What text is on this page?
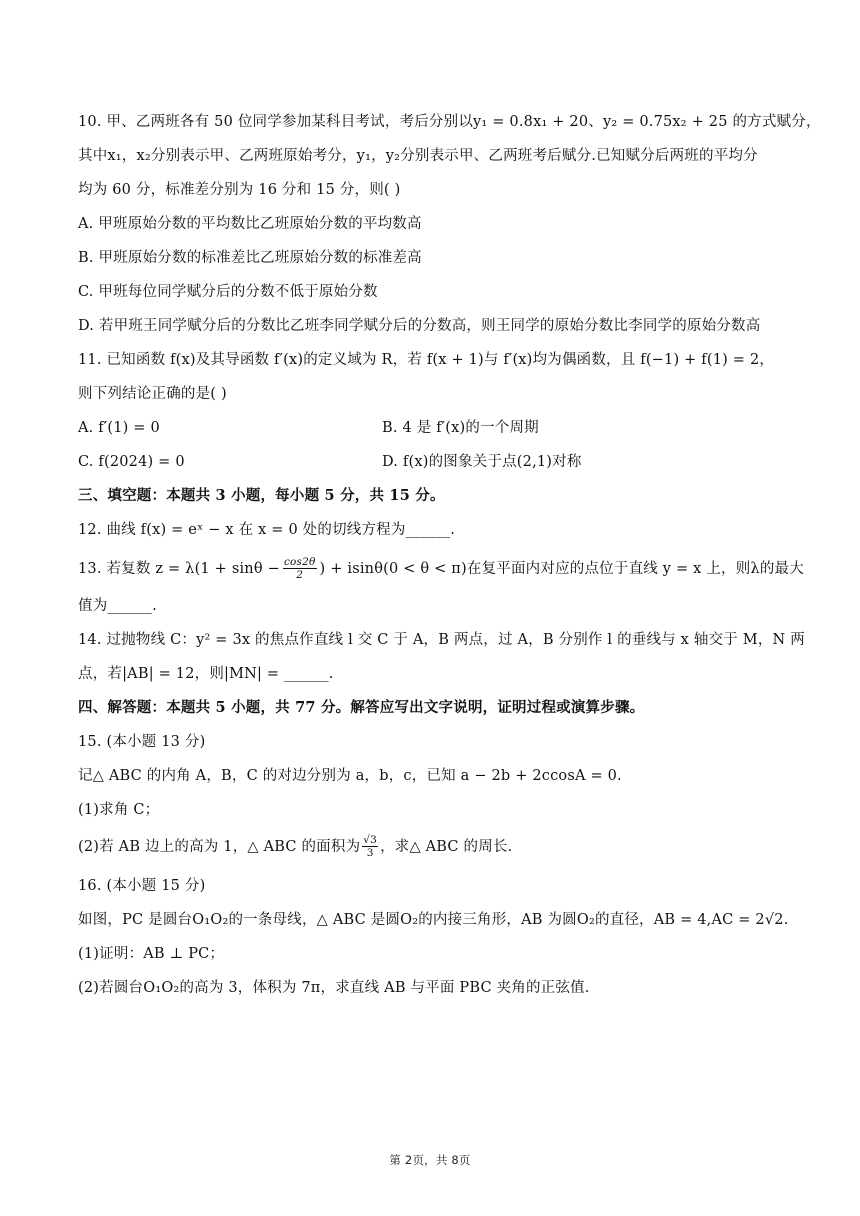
10. 甲、乙两班各有 50 位同学参加某科目考试，考后分别以y₁ = 0.8x₁ + 20、y₂ = 0.75x₂ + 25 的方式赋分，
其中x₁，x₂分别表示甲、乙两班原始考分，y₁，y₂分别表示甲、乙两班考后赋分.已知赋分后两班的平均分
均为 60 分，标准差分别为 16 分和 15 分，则( )
A. 甲班原始分数的平均数比乙班原始分数的平均数高
B. 甲班原始分数的标准差比乙班原始分数的标准差高
C. 甲班每位同学赋分后的分数不低于原始分数
D. 若甲班王同学赋分后的分数比乙班李同学赋分后的分数高，则王同学的原始分数比李同学的原始分数高
11. 已知函数 f(x)及其导函数 f′(x)的定义域为 R，若 f(x + 1)与 f′(x)均为偶函数，且 f(−1) + f(1) = 2，
则下列结论正确的是( )
A. f′(1) = 0	B. 4 是 f′(x)的一个周期
C. f(2024) = 0	D. f(x)的图象关于点(2,1)对称
三、填空题：本题共 3 小题，每小题 5 分，共 15 分。
12. 曲线 f(x) = eˣ − x 在 x = 0 处的切线方程为______.
13. 若复数 $z = \lambda(1 + \sin\theta - \frac{\cos 2\theta}{2}$ ) + isinθ(0 < θ < π)在复平面内对应的点位于直线 y = x 上，则λ的最大
值为______.
14. 过抛物线 C：y² = 3x 的焦点作直线 l 交 C 于 A，B 两点，过 A，B 分别作 l 的垂线与 x 轴交于 M，N 两
点，若|AB| = 12，则|MN| = ______.
四、解答题：本题共 5 小题，共 77 分。解答应写出文字说明，证明过程或演算步骤。
15. (本小题 13 分)
记△ ABC 的内角 A，B，C 的对边分别为 a，b，c，已知 a − 2b + 2ccosA = 0.
(1)求角 C；
(2)若 AB 边上的高为 1，△ ABC 的面积为 $\frac{√3}{3}$ ，求△ ABC 的周长.
16. (本小题 15 分)
如图，PC 是圆台O₁O₂的一条母线，△ ABC 是圆O₂的内接三角形，AB 为圆O₂的直径，AB = 4,AC = 2√2.
(1)证明：AB ⊥ PC；
(2)若圆台O₁O₂的高为 3，体积为 7π，求直线 AB 与平面 PBC 夹角的正弦值.
第 2页，共 8页
